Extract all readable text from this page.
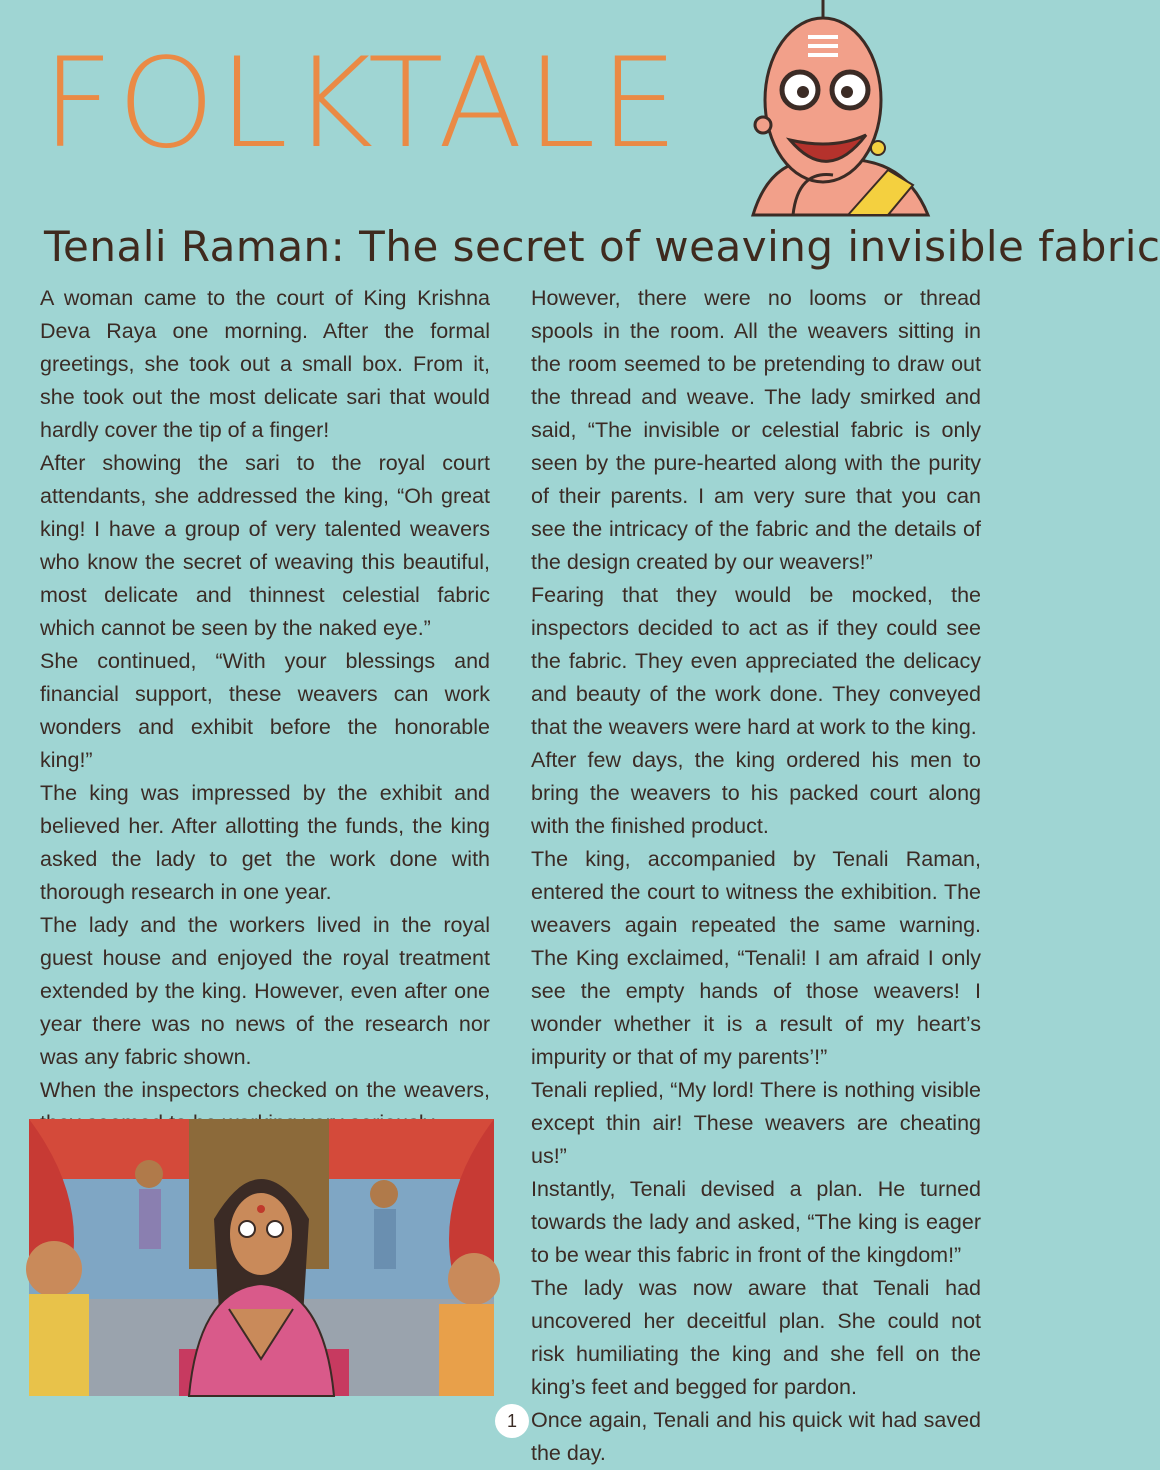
FOLKTALE
Tenali Raman: The secret of weaving invisible fabric

A woman came to the court of King Krishna Deva Raya one morning. After the formal greetings, she took out a small box. From it, she took out the most delicate sari that would hardly cover the tip of a finger!

After showing the sari to the royal court attendants, she addressed the king, “Oh great king! I have a group of very talented weavers who know the secret of weaving this beautiful, most delicate and thinnest celestial fabric which cannot be seen by the naked eye.”

She continued, “With your blessings and financial support, these weavers can work wonders and exhibit before the honorable king!”

The king was impressed by the exhibit and believed her. After allotting the funds, the king asked the lady to get the work done with thorough research in one year.

The lady and the workers lived in the royal guest house and enjoyed the royal treatment extended by the king. However, even after one year there was no news of the research nor was any fabric shown.

When the inspectors checked on the weavers,

However, there were no looms or thread spools in the room. All the weavers sitting in the room seemed to be pretending to draw out the thread and weave. The lady smirked and said, “The invisible or celestial fabric is only seen by the pure-hearted along with the purity of their parents. I am very sure that you can see the intricacy of the fabric and the details of the design created by our weavers!”

Fearing that they would be mocked, the inspectors decided to act as if they could see the fabric. They even appreciated the delicacy and beauty of the work done. They conveyed that the weavers were hard at work to the king.

After few days, the king ordered his men to bring the weavers to his packed court along with the finished product.

The king, accompanied by Tenali Raman, entered the court to witness the exhibition. The weavers again repeated the same warning. The King exclaimed, “Tenali! I am afraid I only see the empty hands of those weavers! I wonder whether it is a result of my heart’s impurity or that of my parents’!”

Tenali replied, “My lord! There is nothing visible except thin air! These weavers are cheating us!”

Instantly, Tenali devised a plan. He turned towards the lady and asked, “The king is eager to be wear this fabric in front of the kingdom!”

The lady was now aware that Tenali had uncovered her deceitful plan. She could not risk humiliating the king and she fell on the king’s feet and begged for pardon.

Once again, Tenali and his quick wit had saved the day.

1
